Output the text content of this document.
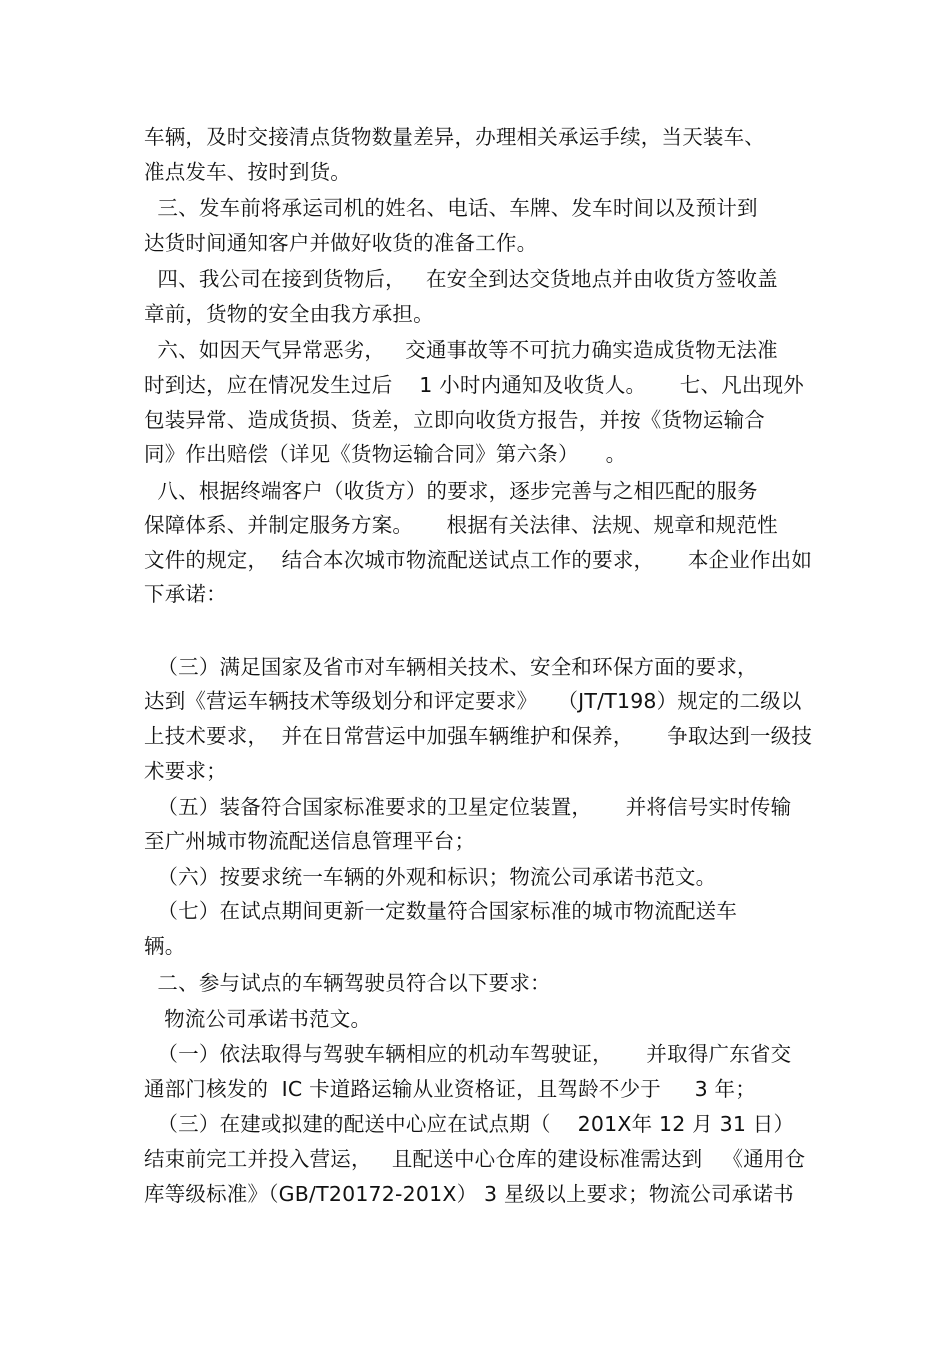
车辆，及时交接清点货物数量差异，办理相关承运手续，当天装车、
准点发车、按时到货。
三、发车前将承运司机的姓名、电话、车牌、发车时间以及预计到
达货时间通知客户并做好收货的准备工作。
四、我公司在接到货物后，   在安全到达交货地点并由收货方签收盖
章前，货物的安全由我方承担。
六、如因天气异常恶劣，   交通事故等不可抗力确实造成货物无法准
时到达，应在情况发生过后    1 小时内通知及收货人。     七、凡出现外
包装异常、造成货损、货差，立即向收货方报告，并按《货物运输合
同》作出赔偿（详见《货物运输合同》第六条）    。
八、根据终端客户（收货方）的要求，逐步完善与之相匹配的服务
保障体系、并制定服务方案。     根据有关法律、法规、规章和规范性
文件的规定，  结合本次城市物流配送试点工作的要求，     本企业作出如
下承诺：
（三）满足国家及省市对车辆相关技术、安全和环保方面的要求，
达到《营运车辆技术等级划分和评定要求》   （JT/T198）规定的二级以
上技术要求，  并在日常营运中加强车辆维护和保养，     争取达到一级技
术要求；
（五）装备符合国家标准要求的卫星定位装置，     并将信号实时传输
至广州城市物流配送信息管理平台；
（六）按要求统一车辆的外观和标识；物流公司承诺书范文。
（七）在试点期间更新一定数量符合国家标准的城市物流配送车
辆。
二、参与试点的车辆驾驶员符合以下要求：
物流公司承诺书范文。
（一）依法取得与驾驶车辆相应的机动车驾驶证，     并取得广东省交
通部门核发的  IC 卡道路运输从业资格证，且驾龄不少于     3 年；
（三）在建或拟建的配送中心应在试点期（    201X年 12 月 31 日）
结束前完工并投入营运，   且配送中心仓库的建设标准需达到   《通用仓
库等级标准》（GB/T20172-201X） 3 星级以上要求；物流公司承诺书
